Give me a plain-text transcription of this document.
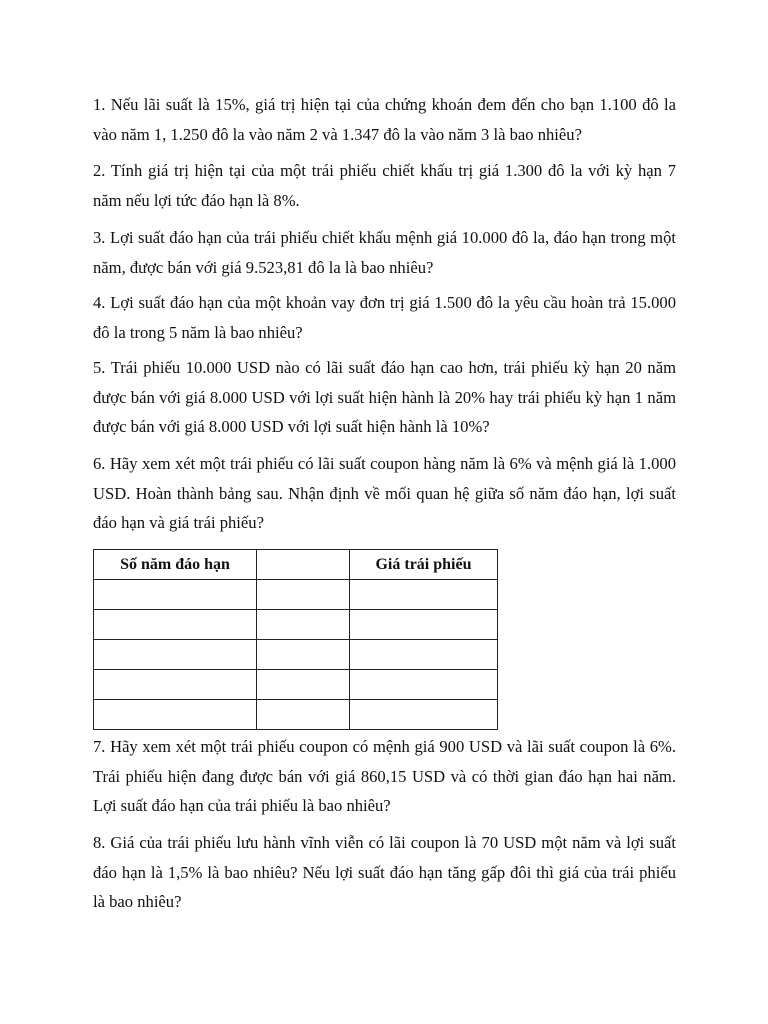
1. Nếu lãi suất là 15%, giá trị hiện tại của chứng khoán đem đến cho bạn 1.100 đô la vào năm 1, 1.250 đô la vào năm 2 và 1.347 đô la vào năm 3 là bao nhiêu?

2. Tính giá trị hiện tại của một trái phiếu chiết khấu trị giá 1.300 đô la với kỳ hạn 7 năm nếu lợi tức đáo hạn là 8%.

3. Lợi suất đáo hạn của trái phiếu chiết khấu mệnh giá 10.000 đô la, đáo hạn trong một năm, được bán với giá 9.523,81 đô la là bao nhiêu?

4. Lợi suất đáo hạn của một khoản vay đơn trị giá 1.500 đô la yêu cầu hoàn trả 15.000 đô la trong 5 năm là bao nhiêu?

5. Trái phiếu 10.000 USD nào có lãi suất đáo hạn cao hơn, trái phiếu kỳ hạn 20 năm được bán với giá 8.000 USD với lợi suất hiện hành là 20% hay trái phiếu kỳ hạn 1 năm được bán với giá 8.000 USD với lợi suất hiện hành là 10%?

6. Hãy xem xét một trái phiếu có lãi suất coupon hàng năm là 6% và mệnh giá là 1.000 USD. Hoàn thành bảng sau. Nhận định về mối quan hệ giữa số năm đáo hạn, lợi suất đáo hạn và giá trái phiếu?

Số năm đáo hạn		Giá trái phiếu

7. Hãy xem xét một trái phiếu coupon có mệnh giá 900 USD và lãi suất coupon là 6%. Trái phiếu hiện đang được bán với giá 860,15 USD và có thời gian đáo hạn hai năm. Lợi suất đáo hạn của trái phiếu là bao nhiêu?

8. Giá của trái phiếu lưu hành vĩnh viễn có lãi coupon là 70 USD một năm và lợi suất đáo hạn là 1,5% là bao nhiêu? Nếu lợi suất đáo hạn tăng gấp đôi thì giá của trái phiếu là bao nhiêu?
